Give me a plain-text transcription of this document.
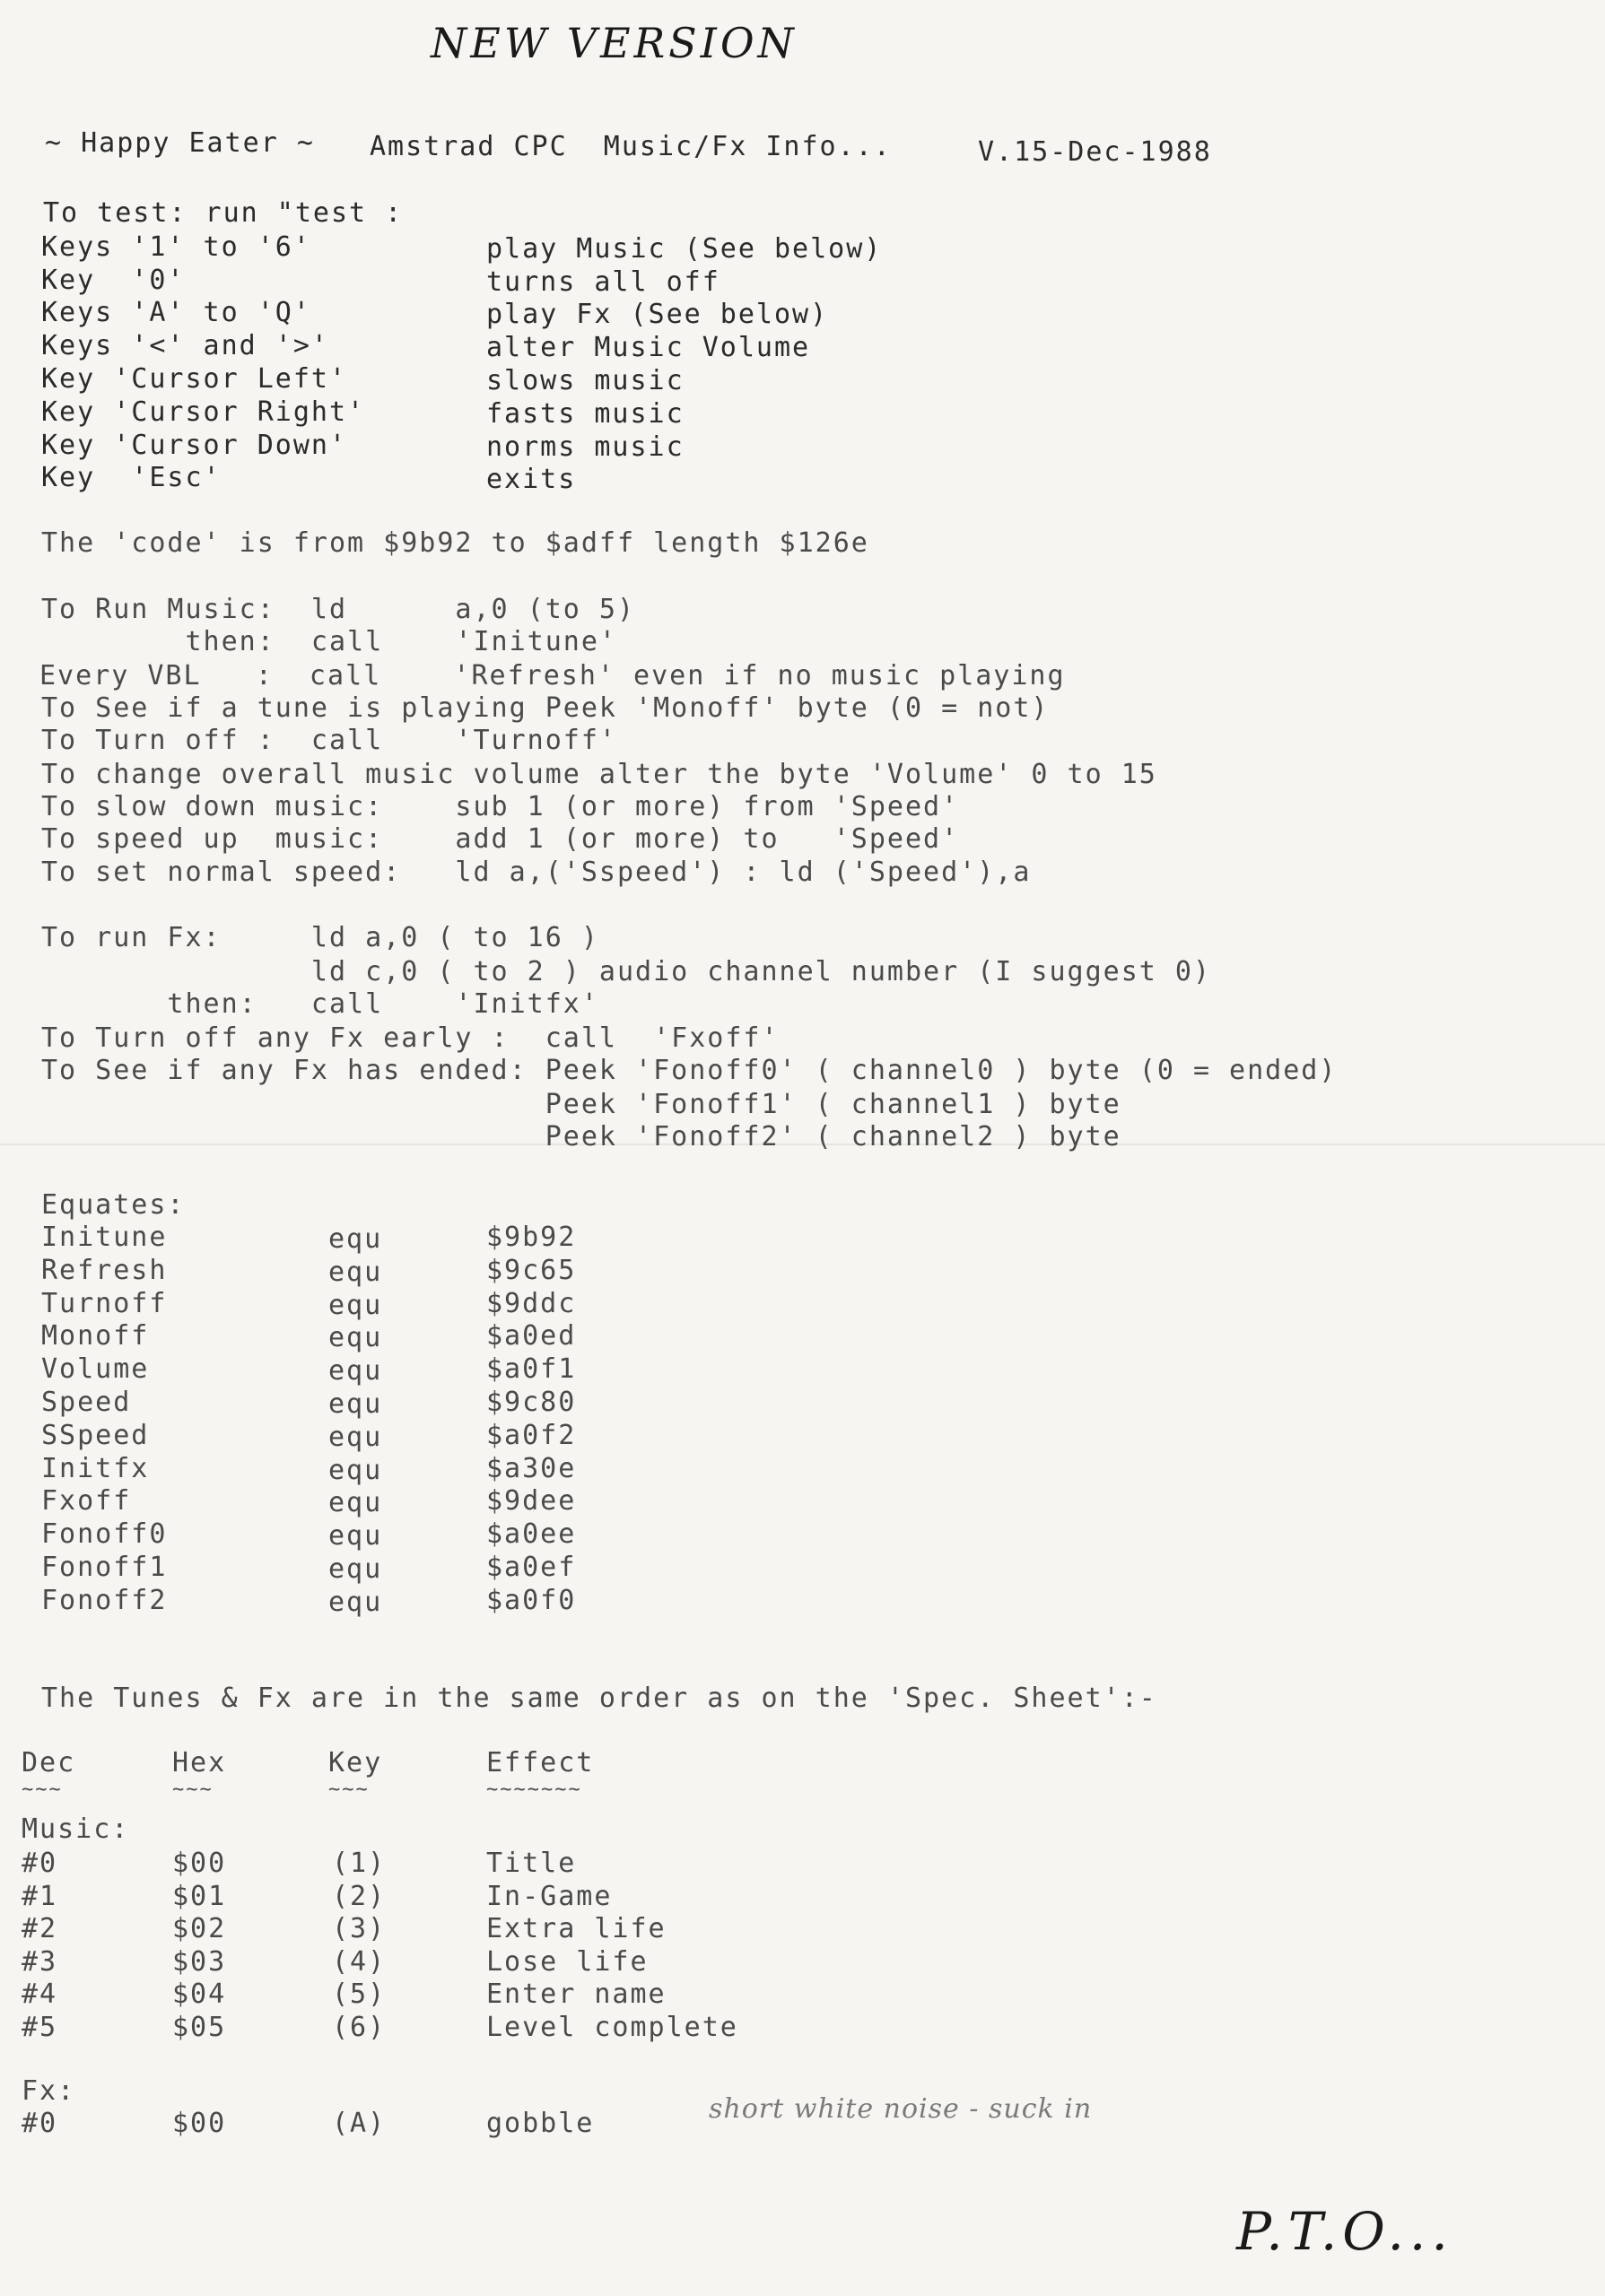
NEW VERSION
~ Happy Eater ~ Amstrad CPC  Music/Fx Info...	V.15-Dec-1988
To test: run "test :
Keys '1' to '6'	play Music (See below)
Key  '0'	turns all off
Keys 'A' to 'Q'	play Fx (See below)
Keys '<' and '>'	alter Music Volume
Key 'Cursor Left'	slows music
Key 'Cursor Right'	fasts music
Key 'Cursor Down'	norms music
Key  'Esc'	exits
The 'code' is from $9b92 to $adff length $126e
To Run Music:  ld      a,0 (to 5)
then:  call    'Initune'
Every VBL   :  call    'Refresh' even if no music playing
To See if a tune is playing Peek 'Monoff' byte (0 = not)
To Turn off :  call    'Turnoff'
To change overall music volume alter the byte 'Volume' 0 to 15
To slow down music:    sub 1 (or more) from 'Speed'
To speed up  music:    add 1 (or more) to   'Speed'
To set normal speed:   ld a,('Sspeed') : ld ('Speed'),a
To run Fx:     ld a,0 ( to 16 )
ld c,0 ( to 2 ) audio channel number (I suggest 0)
then:   call    'Initfx'
To Turn off any Fx early :  call  'Fxoff'
To See if any Fx has ended: Peek 'Fonoff0' ( channel0 ) byte (0 = ended)
Peek 'Fonoff1' ( channel1 ) byte
Peek 'Fonoff2' ( channel2 ) byte
Equates:
Initune	equ	$9b92
Refresh	equ	$9c65
Turnoff	equ	$9ddc
Monoff	equ	$a0ed
Volume	equ	$a0f1
Speed	equ	$9c80
SSpeed	equ	$a0f2
Initfx	equ	$a30e
Fxoff	equ	$9dee
Fonoff0	equ	$a0ee
Fonoff1	equ	$a0ef
Fonoff2	equ	$a0f0
The Tunes & Fx are in the same order as on the 'Spec. Sheet':-
Dec	Hex	Key	Effect
~~~	~~~	~~~	~~~~~~~
Music:
#0	$00	(1)	Title
#1	$01	(2)	In-Game
#2	$02	(3)	Extra life
#3	$03	(4)	Lose life
#4	$04	(5)	Enter name
#5	$05	(6)	Level complete
Fx:
#0	$00	(A)	gobble	short white noise - suck in
P.T.O...
